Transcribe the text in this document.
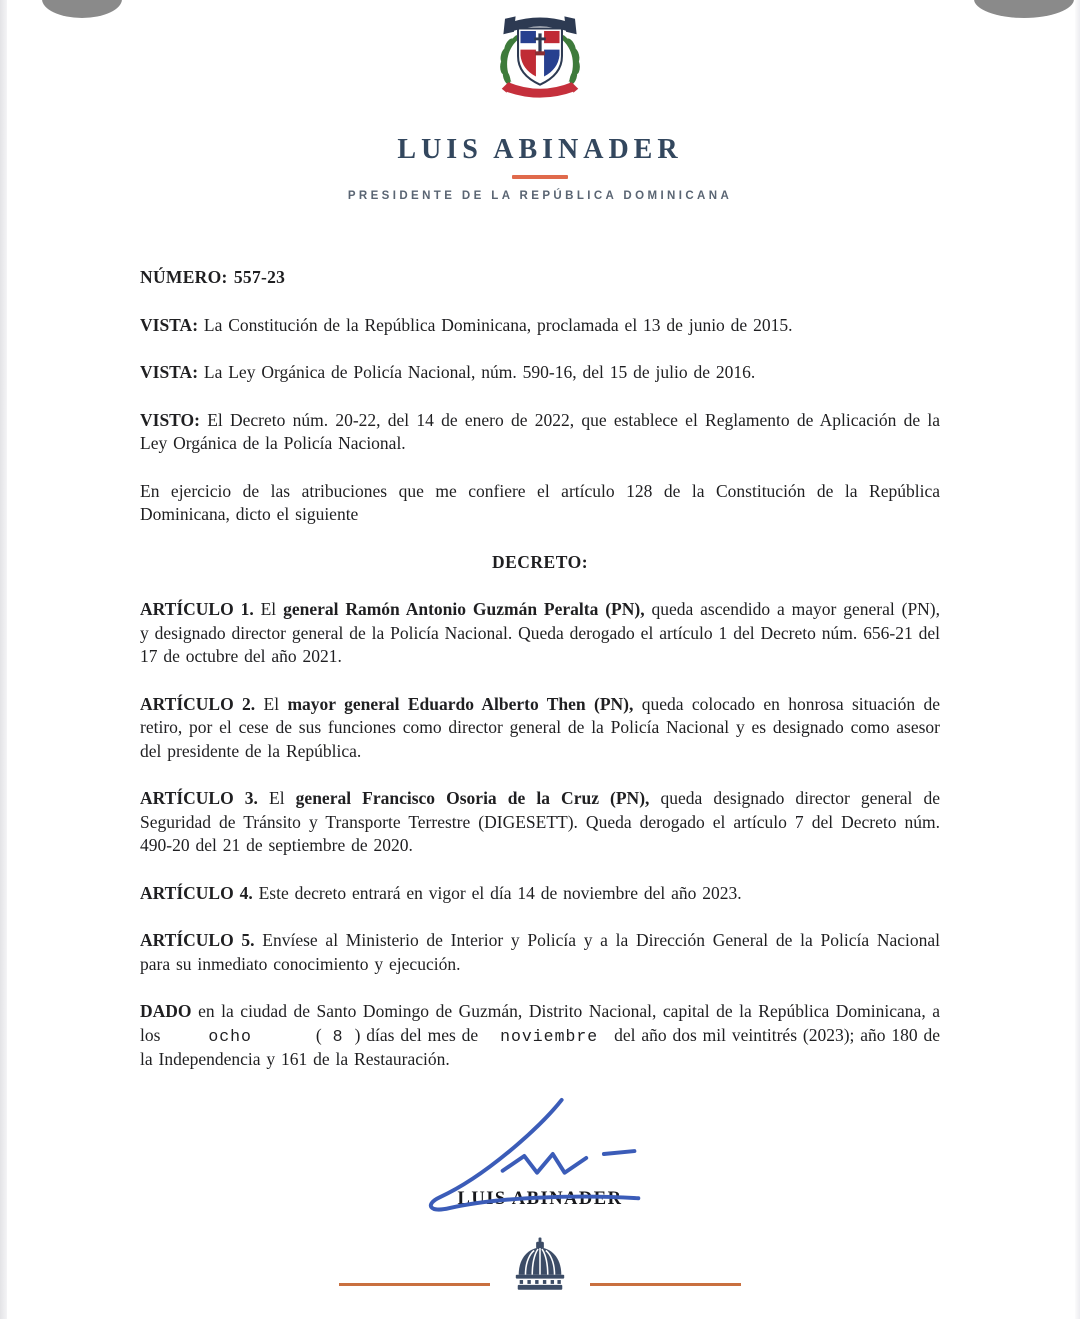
LUIS ABINADER
PRESIDENTE DE LA REPÚBLICA DOMINICANA

NÚMERO: 557-23

VISTA: La Constitución de la República Dominicana, proclamada el 13 de junio de 2015.

VISTA: La Ley Orgánica de Policía Nacional, núm. 590-16, del 15 de julio de 2016.

VISTO: El Decreto núm. 20-22, del 14 de enero de 2022, que establece el Reglamento de Aplicación de la Ley Orgánica de la Policía Nacional.

En ejercicio de las atribuciones que me confiere el artículo 128 de la Constitución de la República Dominicana, dicto el siguiente

DECRETO:

ARTÍCULO 1. El general Ramón Antonio Guzmán Peralta (PN), queda ascendido a mayor general (PN), y designado director general de la Policía Nacional. Queda derogado el artículo 1 del Decreto núm. 656-21 del 17 de octubre del año 2021.

ARTÍCULO 2. El mayor general Eduardo Alberto Then (PN), queda colocado en honrosa situación de retiro, por el cese de sus funciones como director general de la Policía Nacional y es designado como asesor del presidente de la República.

ARTÍCULO 3. El general Francisco Osoria de la Cruz (PN), queda designado director general de Seguridad de Tránsito y Transporte Terrestre (DIGESETT). Queda derogado el artículo 7 del Decreto núm. 490-20 del 21 de septiembre de 2020.

ARTÍCULO 4. Este decreto entrará en vigor el día 14 de noviembre del año 2023.

ARTÍCULO 5. Envíese al Ministerio de Interior y Policía y a la Dirección General de la Policía Nacional para su inmediato conocimiento y ejecución.

DADO en la ciudad de Santo Domingo de Guzmán, Distrito Nacional, capital de la República Dominicana, a los	ocho	( 8 ) días del mes de noviembre del año dos mil veintitrés (2023); año 180 de la Independencia y 161 de la Restauración.

LUIS ABINADER
